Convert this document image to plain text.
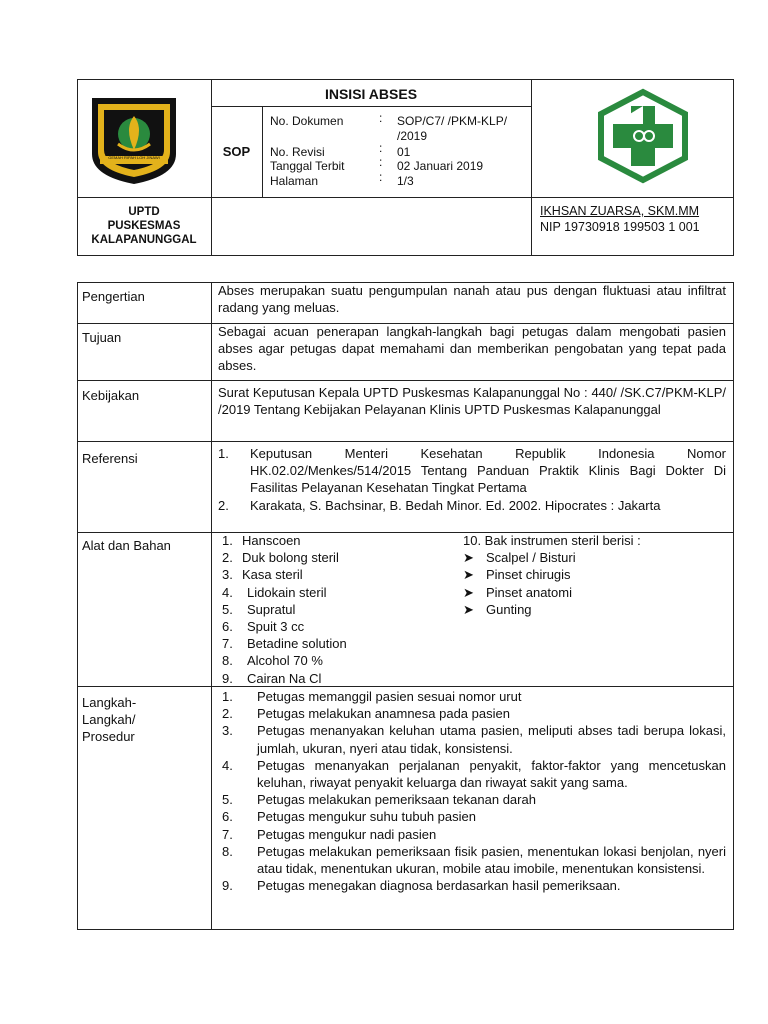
GEMAH RIPAH LOH JINAWI
INSISI ABSES
SOP
No. Dokumen	: SOP/C7/ /PKM-KLP/ /2019
No. Revisi	: 01
Tanggal Terbit	: 02 Januari 2019
Halaman	: 1/3
UPTD
PUSKESMAS
KALAPANUNGGAL
IKHSAN ZUARSA, SKM.MM
NIP 19730918 199503 1 001
Pengertian	Abses merupakan suatu pengumpulan nanah atau pus dengan fluktuasi atau infiltrat radang yang meluas.
Tujuan	Sebagai acuan penerapan langkah-langkah bagi petugas dalam mengobati pasien abses agar petugas dapat memahami dan memberikan pengobatan yang tepat pada abses.
Kebijakan	Surat Keputusan Kepala UPTD Puskesmas Kalapanunggal No : 440/ /SK.C7/PKM-KLP/ /2019 Tentang Kebijakan Pelayanan Klinis UPTD Puskesmas Kalapanunggal
Referensi	1. Keputusan Menteri Kesehatan Republik Indonesia Nomor HK.02.02/Menkes/514/2015 Tentang Panduan Praktik Klinis Bagi Dokter Di Fasilitas Pelayanan Kesehatan Tingkat Pertama
2. Karakata, S. Bachsinar, B. Bedah Minor. Ed. 2002. Hipocrates : Jakarta
Alat dan Bahan	1. Hanscoen
2. Duk bolong steril
3. Kasa steril
4. Lidokain steril
5. Supratul
6. Spuit 3 cc
7. Betadine solution
8. Alcohol 70 %
9. Cairan Na Cl
10. Bak instrumen steril berisi :
➤ Scalpel / Bisturi
➤ Pinset chirugis
➤ Pinset anatomi
➤ Gunting
Langkah-
Langkah/
Prosedur
1. Petugas memanggil pasien sesuai nomor urut
2. Petugas melakukan anamnesa pada pasien
3. Petugas menanyakan keluhan utama pasien, meliputi abses tadi berupa lokasi, jumlah, ukuran, nyeri atau tidak, konsistensi.
4. Petugas menanyakan perjalanan penyakit, faktor-faktor yang mencetuskan keluhan, riwayat penyakit keluarga dan riwayat sakit yang sama.
5. Petugas melakukan pemeriksaan tekanan darah
6. Petugas mengukur suhu tubuh pasien
7. Petugas mengukur nadi pasien
8. Petugas melakukan pemeriksaan fisik pasien, menentukan lokasi benjolan, nyeri atau tidak, menentukan ukuran, mobile atau imobile, menentukan konsistensi.
9. Petugas menegakan diagnosa berdasarkan hasil pemeriksaan.
